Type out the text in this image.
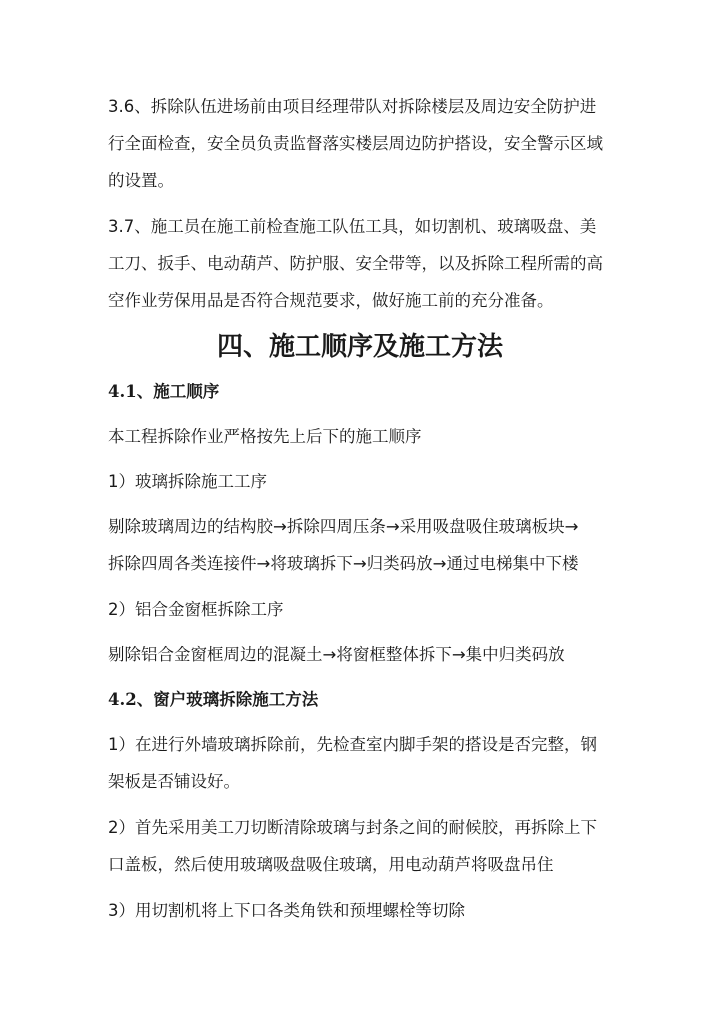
3.6、拆除队伍进场前由项目经理带队对拆除楼层及周边安全防护进
行全面检查，安全员负责监督落实楼层周边防护搭设，安全警示区域
的设置。
3.7、施工员在施工前检查施工队伍工具，如切割机、玻璃吸盘、美
工刀、扳手、电动葫芦、防护服、安全带等，以及拆除工程所需的高
空作业劳保用品是否符合规范要求，做好施工前的充分准备。
四、施工顺序及施工方法
4.1、施工顺序
本工程拆除作业严格按先上后下的施工顺序
1）玻璃拆除施工工序
剔除玻璃周边的结构胶→拆除四周压条→采用吸盘吸住玻璃板块→
拆除四周各类连接件→将玻璃拆下→归类码放→通过电梯集中下楼
2）铝合金窗框拆除工序
剔除铝合金窗框周边的混凝土→将窗框整体拆下→集中归类码放
4.2、窗户玻璃拆除施工方法
1）在进行外墙玻璃拆除前，先检查室内脚手架的搭设是否完整，钢
架板是否铺设好。
2）首先采用美工刀切断清除玻璃与封条之间的耐候胶，再拆除上下
口盖板，然后使用玻璃吸盘吸住玻璃，用电动葫芦将吸盘吊住
3）用切割机将上下口各类角铁和预埋螺栓等切除
